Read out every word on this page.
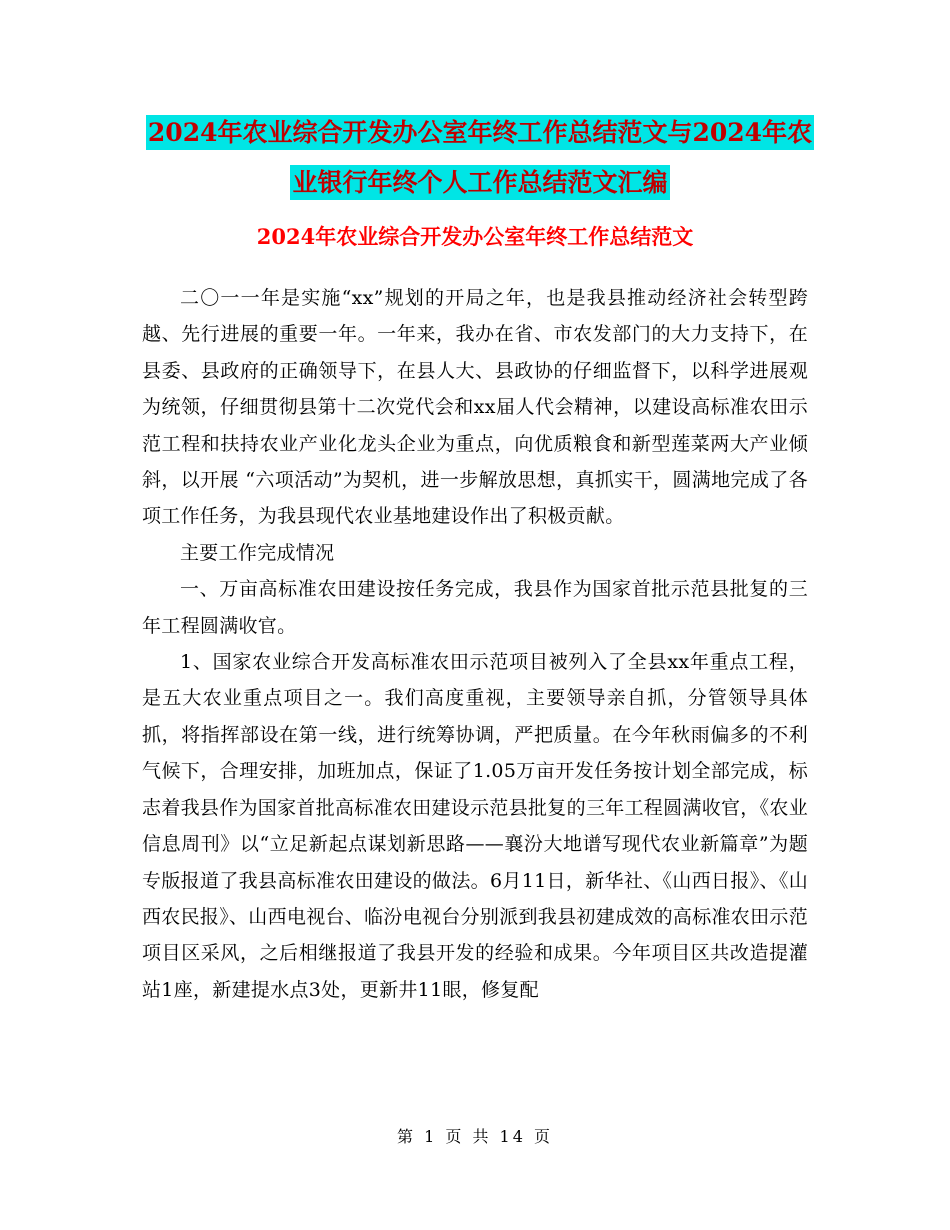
2024年农业综合开发办公室年终工作总结范文与2024年农业银行年终个人工作总结范文汇编
2024年农业综合开发办公室年终工作总结范文

二〇一一年是实施“xx”规划的开局之年，也是我县推动经济社会转型跨越、先行进展的重要一年。一年来，我办在省、市农发部门的大力支持下，在县委、县政府的正确领导下，在县人大、县政协的仔细监督下，以科学进展观为统领，仔细贯彻县第十二次党代会和xx届人代会精神，以建设高标准农田示范工程和扶持农业产业化龙头企业为重点，向优质粮食和新型莲菜两大产业倾斜，以开展 “六项活动”为契机，进一步解放思想，真抓实干，圆满地完成了各项工作任务，为我县现代农业基地建设作出了积极贡献。

主要工作完成情况

一、万亩高标准农田建设按任务完成，我县作为国家首批示范县批复的三年工程圆满收官。

1、国家农业综合开发高标准农田示范项目被列入了全县xx年重点工程，是五大农业重点项目之一。我们高度重视，主要领导亲自抓，分管领导具体抓，将指挥部设在第一线，进行统筹协调，严把质量。在今年秋雨偏多的不利气候下，合理安排，加班加点，保证了1.05万亩开发任务按计划全部完成，标志着我县作为国家首批高标准农田建设示范县批复的三年工程圆满收官，《农业信息周刊》以“立足新起点谋划新思路——襄汾大地谱写现代农业新篇章”为题专版报道了我县高标准农田建设的做法。6月11日，新华社、《山西日报》、《山西农民报》、山西电视台、临汾电视台分别派到我县初建成效的高标准农田示范项目区采风，之后相继报道了我县开发的经验和成果。今年项目区共改造提灌站1座，新建提水点3处，更新井11眼，修复配

第 1 页 共 14 页
